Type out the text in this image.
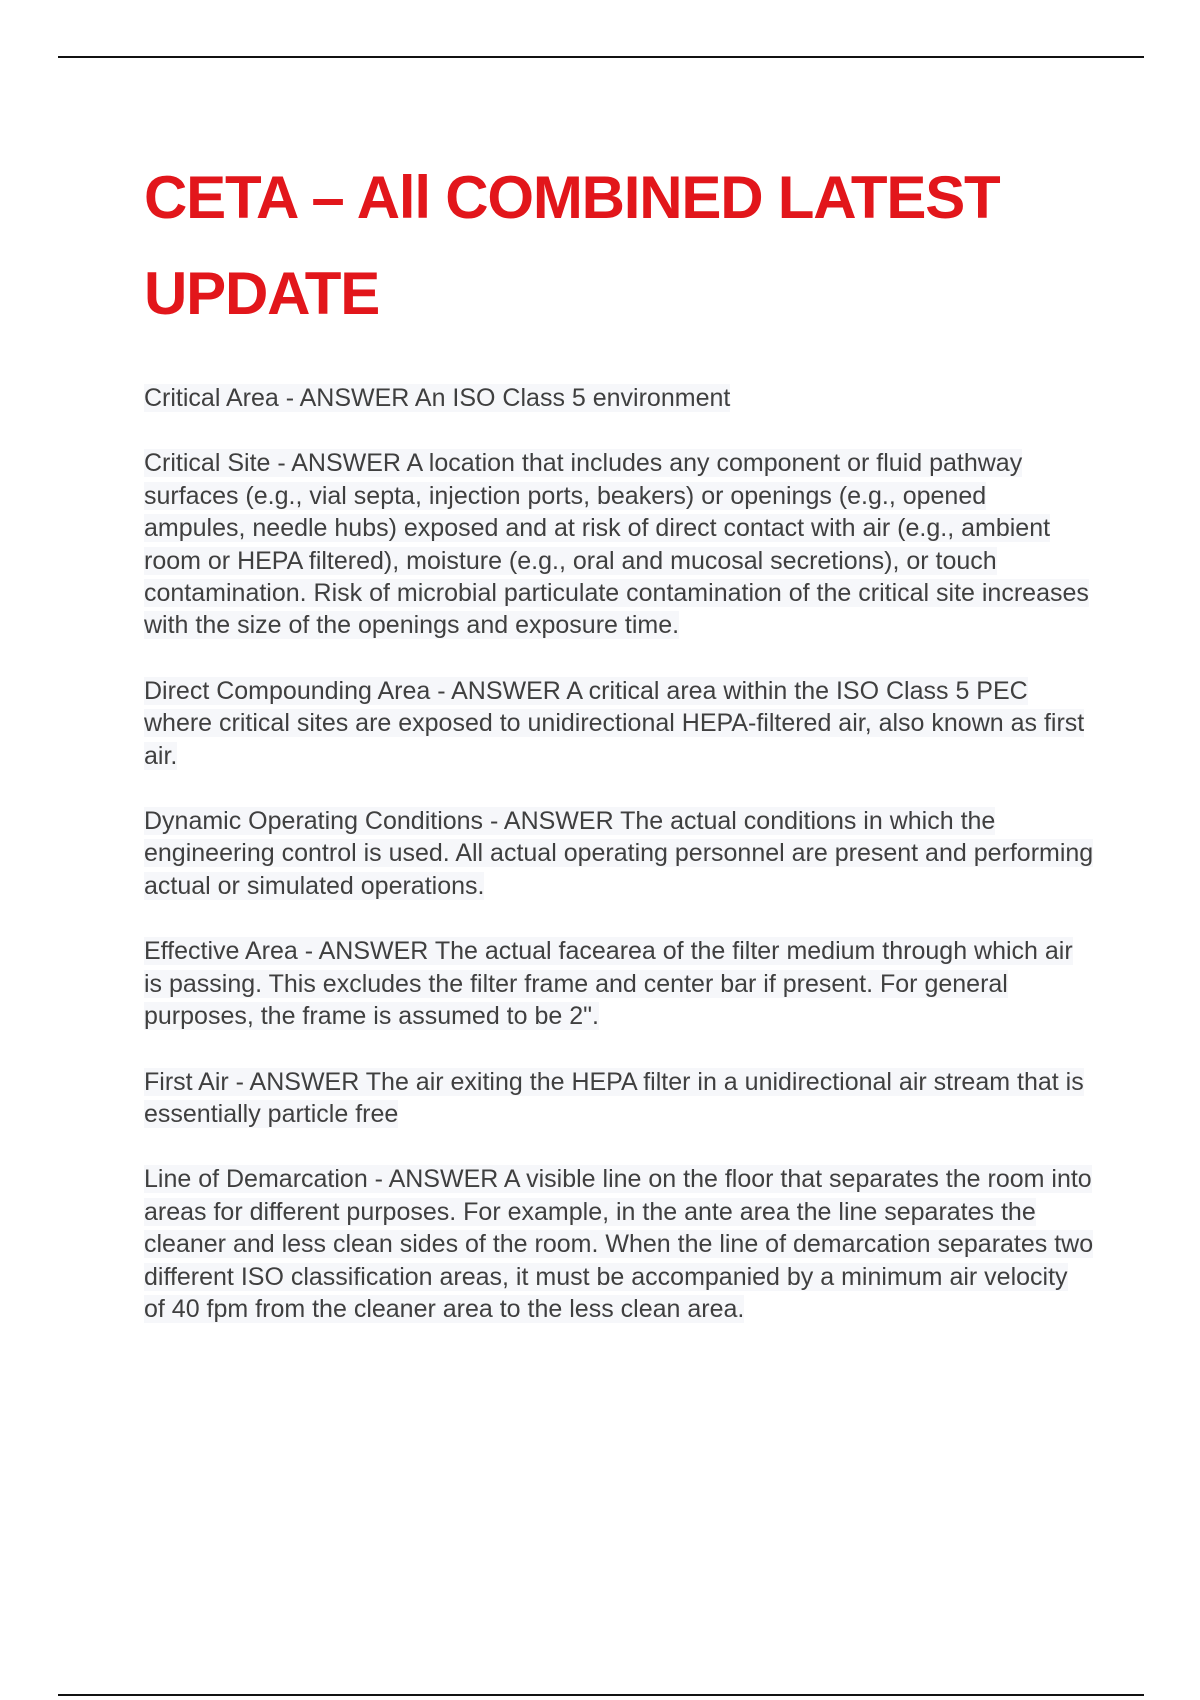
CETA – All COMBINED LATEST UPDATE

Critical Area - ANSWER An ISO Class 5 environment

Critical Site - ANSWER A location that includes any component or fluid pathway surfaces (e.g., vial septa, injection ports, beakers) or openings (e.g., opened ampules, needle hubs) exposed and at risk of direct contact with air (e.g., ambient room or HEPA filtered), moisture (e.g., oral and mucosal secretions), or touch contamination. Risk of microbial particulate contamination of the critical site increases with the size of the openings and exposure time.

Direct Compounding Area - ANSWER A critical area within the ISO Class 5 PEC where critical sites are exposed to unidirectional HEPA-filtered air, also known as first air.

Dynamic Operating Conditions - ANSWER The actual conditions in which the engineering control is used. All actual operating personnel are present and performing actual or simulated operations.

Effective Area - ANSWER The actual facearea of the filter medium through which air is passing. This excludes the filter frame and center bar if present. For general purposes, the frame is assumed to be 2".

First Air - ANSWER The air exiting the HEPA filter in a unidirectional air stream that is essentially particle free

Line of Demarcation - ANSWER A visible line on the floor that separates the room into areas for different purposes. For example, in the ante area the line separates the cleaner and less clean sides of the room. When the line of demarcation separates two different ISO classification areas, it must be accompanied by a minimum air velocity of 40 fpm from the cleaner area to the less clean area.
